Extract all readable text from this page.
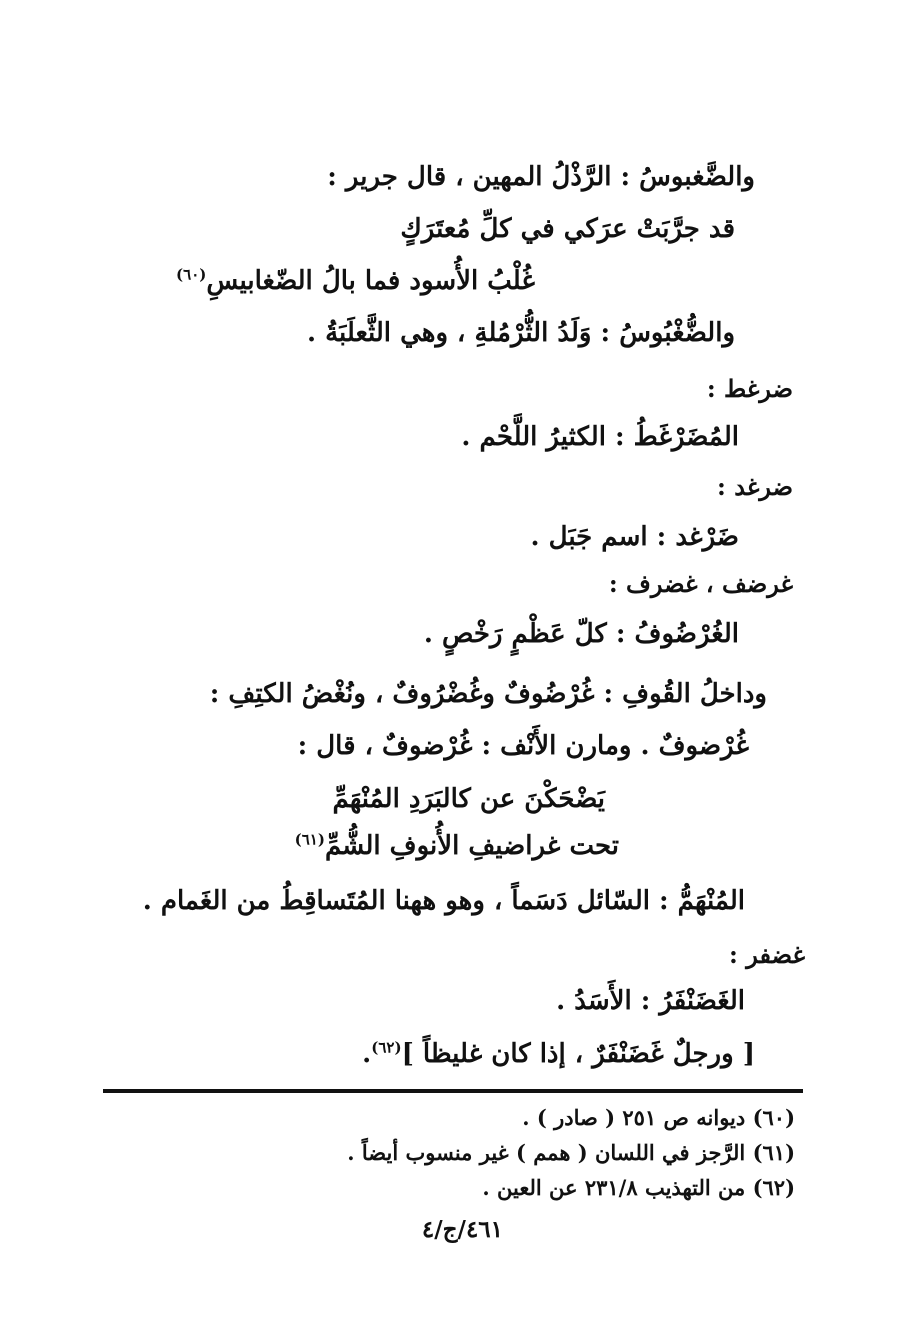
والضَّغبوسُ : الرَّذْلُ المهين ، قال جرير :
قد جرَّبَتْ عرَكي في كلِّ مُعتَرَكٍ
غُلْبُ الأُسود فما بالُ الضّغابيسِ$^{(٦٠)}$
والضُّغْبُوسُ : وَلَدُ الثُّرْمُلةِ ، وهي الثَّعلَبَةُ .
ضرغط :
المُضَرْغَطُ : الكثيرُ اللَّحْم .
ضرغد :
ضَرْغد : اسم جَبَل .
غرضف ، غضرف :
الغُرْضُوفُ : كلّ عَظْمٍ رَخْصٍ .
وداخلُ القُوفِ : غُرْضُوفٌ وغُضْرُوفٌ ، ونُغْضُ الكتِفِ :
غُرْضوفٌ . ومارن الأَنْف : غُرْضوفٌ ، قال :
يَضْحَكْنَ عن كالبَرَدِ المُنْهَمِّ
تحت غراضيفِ الأُنوفِ الشُّمِّ$^{(٦١)}$
المُنْهَمُّ : السّائل دَسَماً ، وهو ههنا المُتَساقِطُ من الغَمام .
غضفر :
الغَضَنْفَرُ : الأَسَدُ .
[ ورجلٌ غَضَنْفَرٌ ، إذا كان غليظاً ]$^{(٦٢)}$.
(٦٠) ديوانه ص ٢٥١ ( صادر ) .
(٦١) الرَّجز في اللسان ( همم ) غير منسوب أيضاً .
(٦٢) من التهذيب ٢٣١/٨ عن العين .
٤٦١/ج/٤
